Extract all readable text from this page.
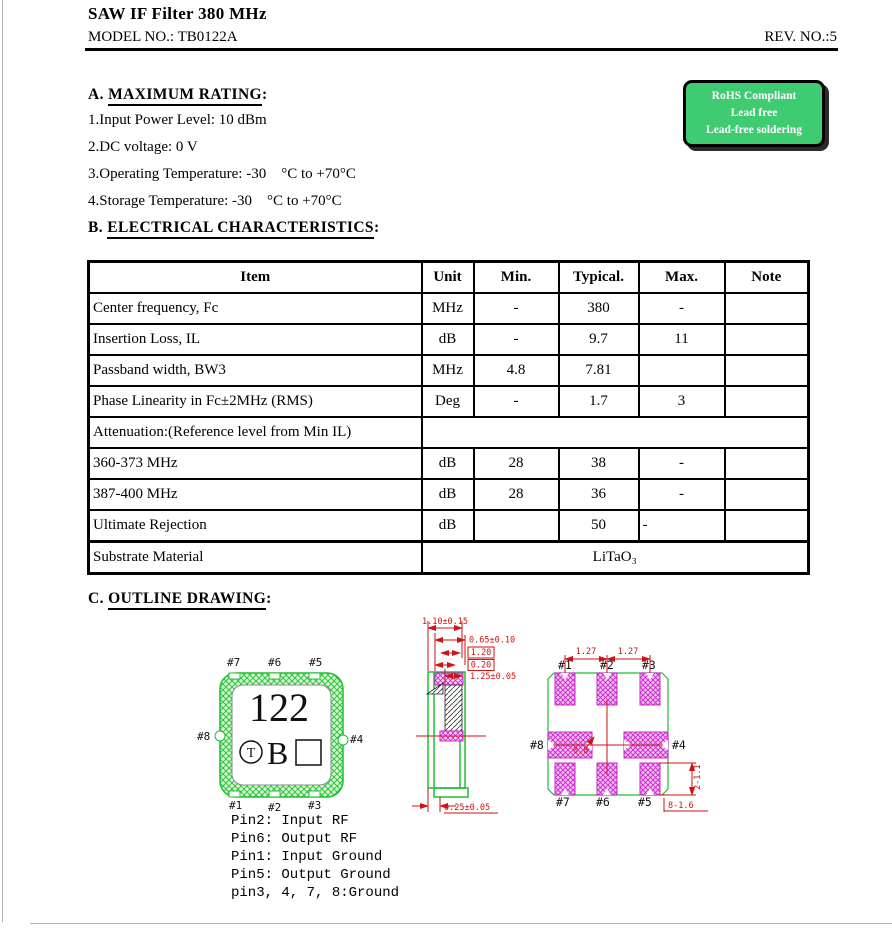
SAW IF Filter 380 MHz
MODEL NO.: TB0122A	REV. NO.:5
RoHS Compliant
Lead free
Lead-free soldering
A. MAXIMUM RATING:
1.Input Power Level: 10 dBm
2.DC voltage: 0 V
3.Operating Temperature: -30    °C to +70°C
4.Storage Temperature: -30    °C to +70°C
B. ELECTRICAL CHARACTERISTICS:
Item	Unit	Min.	Typical.	Max.	Note
Center frequency, Fc	MHz	-	380	-	
Insertion Loss, IL	dB	-	9.7	11	
Passband width, BW3	MHz	4.8	7.81		
Phase Linearity in Fc±2MHz (RMS)	Deg	-	1.7	3	
Attenuation:(Reference level from Min IL)					
360-373 MHz	dB	28	38	-	
387-400 MHz	dB	28	36	-	
Ultimate Rejection	dB		50	-	
Substrate Material	LiTaO₃				
C. OUTLINE DRAWING:
122
T B
#7	#6	#5
#8	#4
#1 #2 #3
1.10±0.15
0.65±0.10
1.20
0.20
1.25±0.05
0.25±0.05
1.27	1.27
0.8
2-1.1
8-1.6
#1 #2 #3
#8	#4
#7 #6 #5
Pin2: Input RF
Pin6: Output RF
Pin1: Input Ground
Pin5: Output Ground
pin3, 4, 7, 8:Ground
